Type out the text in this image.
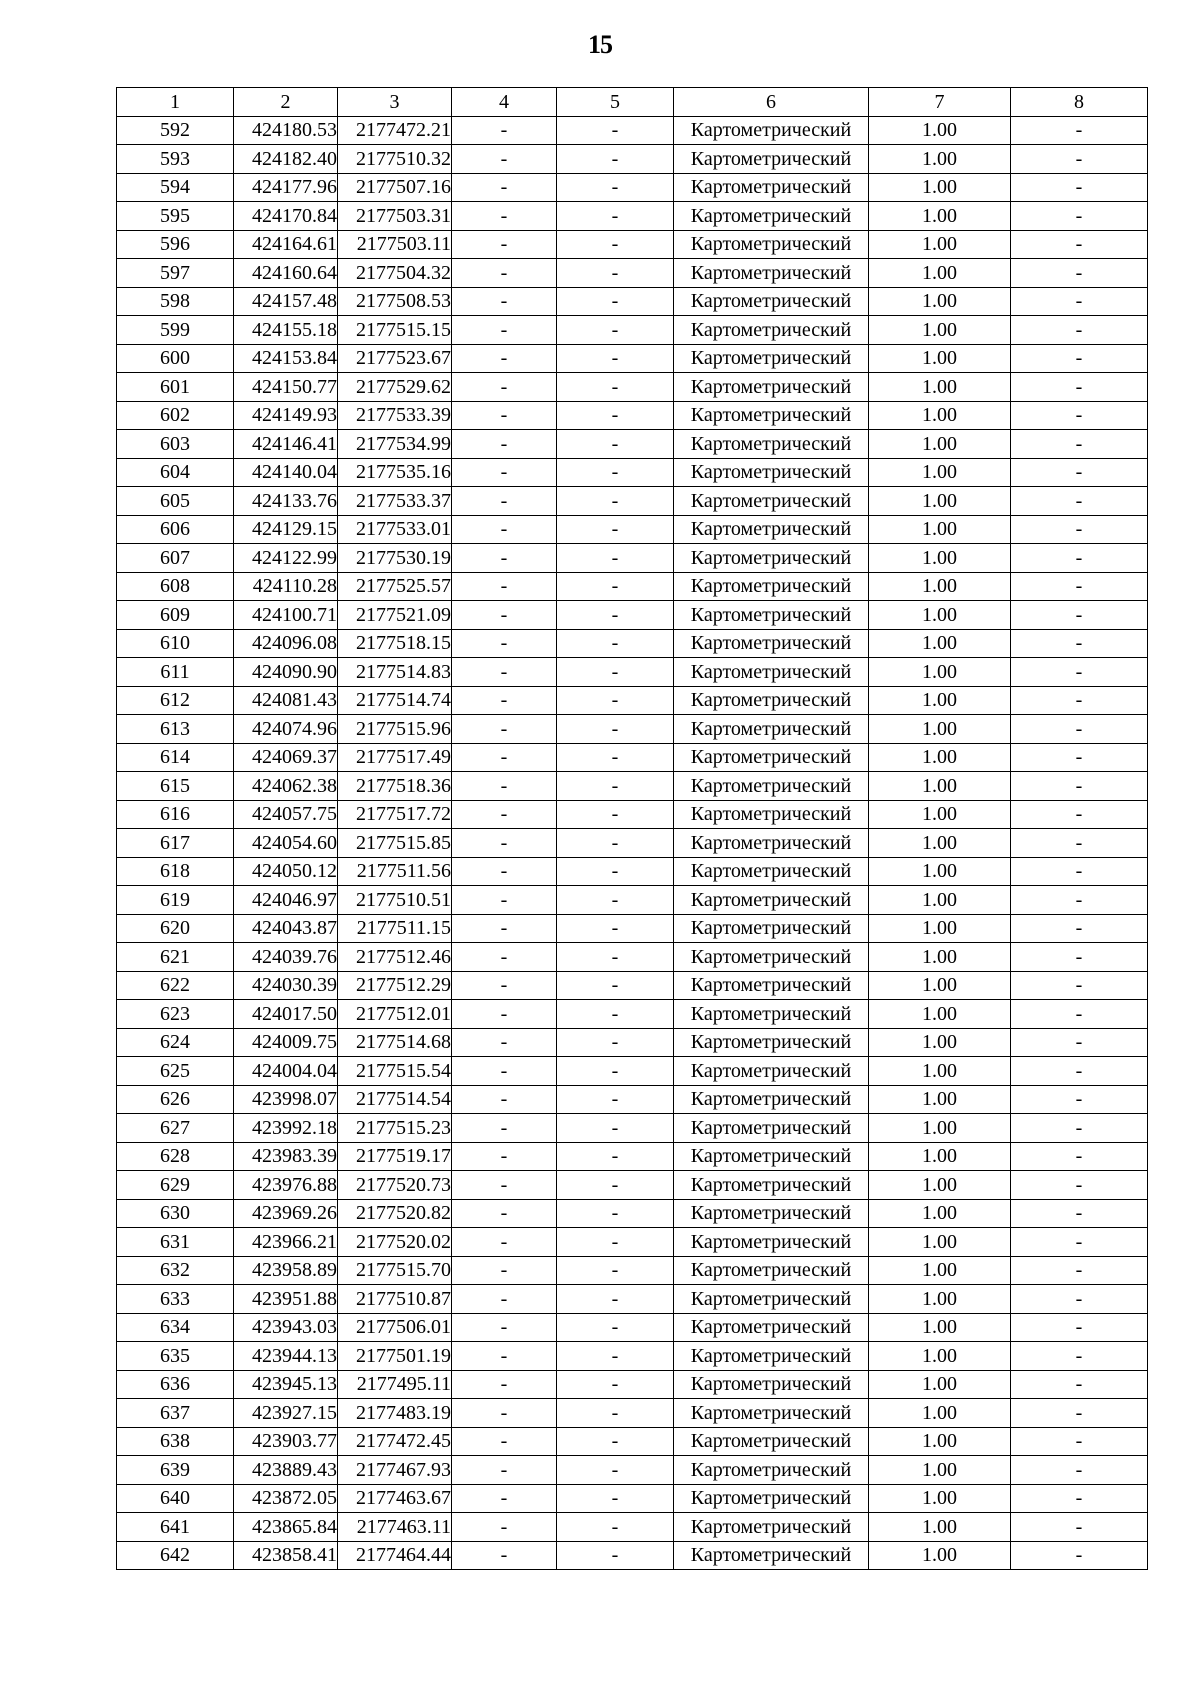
15
1	2	3	4	5	6	7	8
592	424180.53	2177472.21	-	-	Картометрический	1.00	-
593	424182.40	2177510.32	-	-	Картометрический	1.00	-
594	424177.96	2177507.16	-	-	Картометрический	1.00	-
595	424170.84	2177503.31	-	-	Картометрический	1.00	-
596	424164.61	2177503.11	-	-	Картометрический	1.00	-
597	424160.64	2177504.32	-	-	Картометрический	1.00	-
598	424157.48	2177508.53	-	-	Картометрический	1.00	-
599	424155.18	2177515.15	-	-	Картометрический	1.00	-
600	424153.84	2177523.67	-	-	Картометрический	1.00	-
601	424150.77	2177529.62	-	-	Картометрический	1.00	-
602	424149.93	2177533.39	-	-	Картометрический	1.00	-
603	424146.41	2177534.99	-	-	Картометрический	1.00	-
604	424140.04	2177535.16	-	-	Картометрический	1.00	-
605	424133.76	2177533.37	-	-	Картометрический	1.00	-
606	424129.15	2177533.01	-	-	Картометрический	1.00	-
607	424122.99	2177530.19	-	-	Картометрический	1.00	-
608	424110.28	2177525.57	-	-	Картометрический	1.00	-
609	424100.71	2177521.09	-	-	Картометрический	1.00	-
610	424096.08	2177518.15	-	-	Картометрический	1.00	-
611	424090.90	2177514.83	-	-	Картометрический	1.00	-
612	424081.43	2177514.74	-	-	Картометрический	1.00	-
613	424074.96	2177515.96	-	-	Картометрический	1.00	-
614	424069.37	2177517.49	-	-	Картометрический	1.00	-
615	424062.38	2177518.36	-	-	Картометрический	1.00	-
616	424057.75	2177517.72	-	-	Картометрический	1.00	-
617	424054.60	2177515.85	-	-	Картометрический	1.00	-
618	424050.12	2177511.56	-	-	Картометрический	1.00	-
619	424046.97	2177510.51	-	-	Картометрический	1.00	-
620	424043.87	2177511.15	-	-	Картометрический	1.00	-
621	424039.76	2177512.46	-	-	Картометрический	1.00	-
622	424030.39	2177512.29	-	-	Картометрический	1.00	-
623	424017.50	2177512.01	-	-	Картометрический	1.00	-
624	424009.75	2177514.68	-	-	Картометрический	1.00	-
625	424004.04	2177515.54	-	-	Картометрический	1.00	-
626	423998.07	2177514.54	-	-	Картометрический	1.00	-
627	423992.18	2177515.23	-	-	Картометрический	1.00	-
628	423983.39	2177519.17	-	-	Картометрический	1.00	-
629	423976.88	2177520.73	-	-	Картометрический	1.00	-
630	423969.26	2177520.82	-	-	Картометрический	1.00	-
631	423966.21	2177520.02	-	-	Картометрический	1.00	-
632	423958.89	2177515.70	-	-	Картометрический	1.00	-
633	423951.88	2177510.87	-	-	Картометрический	1.00	-
634	423943.03	2177506.01	-	-	Картометрический	1.00	-
635	423944.13	2177501.19	-	-	Картометрический	1.00	-
636	423945.13	2177495.11	-	-	Картометрический	1.00	-
637	423927.15	2177483.19	-	-	Картометрический	1.00	-
638	423903.77	2177472.45	-	-	Картометрический	1.00	-
639	423889.43	2177467.93	-	-	Картометрический	1.00	-
640	423872.05	2177463.67	-	-	Картометрический	1.00	-
641	423865.84	2177463.11	-	-	Картометрический	1.00	-
642	423858.41	2177464.44	-	-	Картометрический	1.00	-
